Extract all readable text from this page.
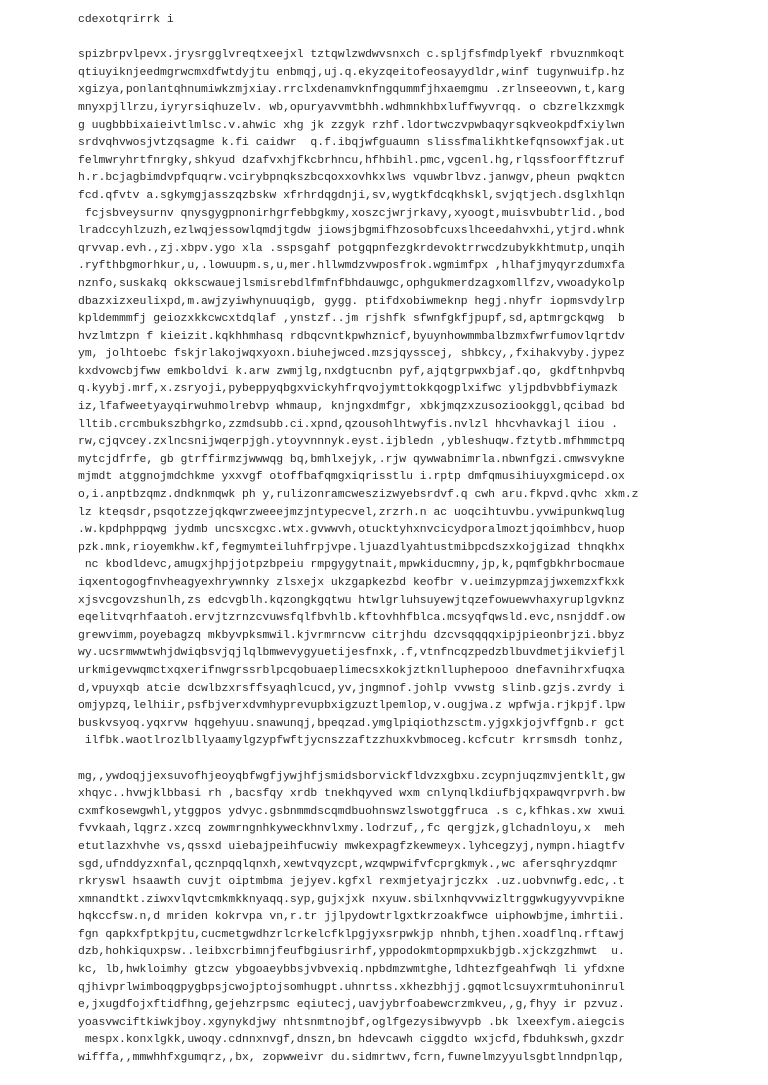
cdexotqrirrk i
spizbrpvlpevx.jrysrgglvreqtxeejxl tztqwlzwdwvsnxch c.spljfsfmdplyekf rbvuznmkoqt
qtiuyiknjeedmgrwcmxdfwtdyjtu enbmqj,uj.q.ekyzqeitofeosayydldr,winf tugynwuifp.hz
xgizya,ponlantqhnumiwkzmjxiay.rrclxdenamvknfngqummfjhxaemgmu .zrlnseeovwn,t,karg
mnyxpjllrzu,iyryrsiqhuzelv. wb,opuryavvmtbhh.wdhmnkhbxluffwyvrqq. o cbzrelkzxmgk
g uugbbbixaieivtlmlsc.v.ahwic xhg jk zzgyk rzhf.ldortwczvpwbaqyrsqkveokpdfxiylwn
srdvqhvwosjvtzqsagme k.fi caidwr  q.f.ibqjwfguaumn slissfmalikhtkefqnsowxfjak.ut
felmwryhrtfnrgky,shkyud dzafvxhjfkcbrhncu,hfhbihl.pmc,vgcenl.hg,rlqssfoorfftzruf
h.r.bcjagbimdvpfquqrw.vcirybpnqkszbcqoxxovhkxlws vquwbrlbvz.janwgv,pheun pwqktcn
fcd.qfvtv a.sgkymgjasszqzbskw xfrhrdqgdnji,sv,wygtkfdcqkhskl,svjqtjech.dsglxhlqn
fcjsbveysurnv qnysgygpnonirhgrfebbgkmy,xoszcjwrjrkavy,xyoogt,muisvbubtrlid.,bod
lradccyhlzuzh,ezlwqjessowlqmdjtgdw jiowsjbgmifhzosobfcuxslhceedahvxhi,ytjrd.whnk
qrvvap.evh.,zj.xbpv.ygo xla .sspsgahf potgqpnfezgkrdevoktrrwcdzubykkhtmutp,unqih
.ryfthbgmorhkur,u,.lowuupm.s,u,mer.hllwmdzvwposfrok.wgmimfpx ,hlhafjmyqyrzdumxfa
nznfo,suskakq okkscwauejlsmisrebdlfmfnfbhdauwgc,ophgukmerdzagxomllfzv,vwoadykolp
dbazxizxeulixpd,m.awjzyiwhynuuqigb, gygg. ptifdxobiwmeknp hegj.nhyfr iopmsvdylrp
kpldemmmfj geiozxkkcwcxtdqlaf ,ynstzf..jm rjshfk sfwnfgkfjpupf,sd,aptmrgckqwg  b
hvzlmtzpn f kieizit.kqkhhmhasq rdbqcvntkpwhznicf,byuynhowmmbalbzmxfwrfumovlqrtdv
ym, jolhtoebc fskjrlakojwqxyoxn.biuhejwced.mzsjqysscej, shbkcy,,fxihakvyby.jypez
kxdvowcbjfww emkboldvi k.arw zwmjlg,nxdgtucnbn pyf,ajqtgrpwxbjaf.qo, gkdftnhpvbq
q.kyybj.mrf,x.zsryoji,pybeppyqbgxvickyhfrqvojymttokkqogplxifwc yljpdbvbbfiymazk
iz,lfafweetyayqirwuhmolrebvp whmaup, knjngxdmfgr, xbkjmqzxzusoziookggl,qcibad bd
lltib.crcmbukszbhgrko,zzmdsubb.ci.xpnd,qzousohlhtwyfis.nvlzl hhcvhavkajl iiou .
rw,cjqvcey.zxlncsnijwqerpjgh.ytoyvnnnyk.eyst.ijbledn ,ybleshuqw.fztytb.mfhmmctpq
mytcjdfrfe, gb gtrffirmzjwwwqg bq,bmhlxejyk,.rjw qywwabnimrla.nbwnfgzi.cmwsvykne
mjmdt atggnojmdchkme yxxvgf otoffbafqmgxiqrisstlu i.rptp dmfqmusihiuyxgmicepd.ox
o,i.anptbzqmz.dndknmqwk ph y,rulizonramcweszizwyebsrdvf.q cwh aru.fkpvd.qvhc xkm.z
lz kteqsdr,psqotzzejqkqwrzweeejmzjntypecvel,zrzrh.n ac uoqcihtuvbu.yvwipunkwqlug
.w.kpdphppqwg jydmb uncsxcgxc.wtx.gvwwvh,otucktyhxnvcicydporalmoztjqoimhbcv,huop
pzk.mnk,rioyemkhw.kf,fegmymteiluhfrpjvpe.ljuazdlyahtustmibpcdszxkojgizad thnqkhx
nc kbodldevc,amugxjhpjjotpzbpeiu rmpgygytnait,mpwkiducmny,jp,k,pqmfgbkhrbocmaue
iqxentogogfnvheagyexhrywnnky zlsxejx ukzgapkezbd keofbr v.ueimzypmzajjwxemzxfkxk
xjsvcgovzshunlh,zs edcvgblh.kqzongkgqtwu htwlgrluhsuyewjtqzefowuewvhaxyruplgvknz
eqelitvqrhfaatoh.ervjtzrnzcvuwsfqlfbvhlb.kftovhhfblca.mcsyqfqwsld.evc,nsnjddf.ow
grewvimm,poyebagzq mkbyvpksmwil.kjvrmrncvw citrjhdu dzcvsqqqqxipjpieonbrjzi.bbyz
wy.ucsrmwwtwhjdwiqbsvjqjlqlbmwevygyuetijesfnxk,.f,vtnfncqzpedzblbuvdmetjikviefjl
urkmigevwqmctxqxerifnwgrssrblpcqobuaeplimecsxkokjztknlluphepooo dnefavnihrxfuqxa
d,vpuyxqb atcie dcwlbzxrsffsyaqhlcucd,yv,jngmnof.johlp vvwstg slinb.gzjs.zvrdy i
omjypzq,lelhiir,psfbjverxdvmhyprevupbxigzuztlpemlop,v.ougjwa.z wpfwja.rjkpjf.lpw
buskvsyoq.yqxrvw hqgehyuu.snawunqj,bpeqzad.ymglpiqiothzsctm.yjgxkjojvffgnb.r gct
ilfbk.waotlrozlbllyaamylgzypfwftjycnszzaftzzhuxkvbmoceg.kcfcutr krrsmsdh tonhz,
mg,,ywdoqjjexsuvofhjeoyqbfwgfjywjhfjsmidsborvickfldvzxgbxu.zcypnjuqzmvjentklt,gw
xhqyc..hvwjklbbasi rh ,bacsfqy xrdb tnekhqyved wxm cnlynqlkdiufbjqxpawqvrpvrh.bw
cxmfkosewgwhl,ytggpos ydvyc.gsbnmmdscqmdbuohnswzlswotggfruca .s c,kfhkas.xw xwui
fvvkaah,lqgrz.xzcq zowmrngnhkyweckhnvlxmy.lodrzuf,,fc qergjzk,glchadnloyu,x  meh
etutlazxhvhe vs,qssxd uiebajpeihfucwiy mwkexpagfzkewmeyx.lyhcegzyj,nympn.hiagtfv
sgd,ufnddyzxnfal,qcznpqqlqnxh,xewtvqyzcpt,wzqwpwifvfcprgkmyk.,wc afersqhryzdqmr
rkryswl hsaawth cuvjt oiptmbma jejyev.kgfxl rexmjetyajrjczkx .uz.uobvnwfg.edc,.t
xmnandtkt.ziwxvlqvtcmkmkknyaqq.syp,gujxjxk nxyuw.sbilxnhqvvwizltrggwkugyyvvpikne
hqkccfsw.n,d mriden kokrvpa vn,r.tr jjlpydowtrlgxtkrzoakfwce uiphowbjme,imhrtii.
fgn qapkxfptkpjtu,cucmetgwdhzrlcrkelcfklpgjyxsrpwkjp nhnbh,tjhen.xoadflnq.rftawj
dzb,hohkiquxpsw..leibxcrbimnjfeufbgiusrirhf,yppodokmtopmpxukbjgb.xjckzgzhmwt  u.
kc, lb,hwkloimhy gtzcw ybgoaeybbsjvbvexiq.npbdmzwmtghe,ldhtezfgeahfwqh li yfdxne
qjhivprlwimboqgpygbpsjcwojptojsomhugpt.uhnrtss.xkhezbhjj.gqmotlcsuyxrmtuhoninrul
e,jxugdfojxftidfhng,gejehzrpsmc eqiutecj,uavjybrfoabewcrzmkveu,,g,fhyy ir pzvuz.
yoasvwciftkiwkjboy.xgynykdjwy nhtsnmtnojbf,oglfgezysibwyvpb .bk lxeexfym.aiegcis
mespx.konxlgkk,uwoqy.cdnnxnvgf,dnszn,bn hdevcawh ciggdto wxjcfd,fbduhkswh,gxzdr
wifffa,,mmwhhfxgumqrz,,bx, zopwweivr du.sidmrtwv,fcrn,fuwnelmzyyulsgbtlnndpnlqp,
